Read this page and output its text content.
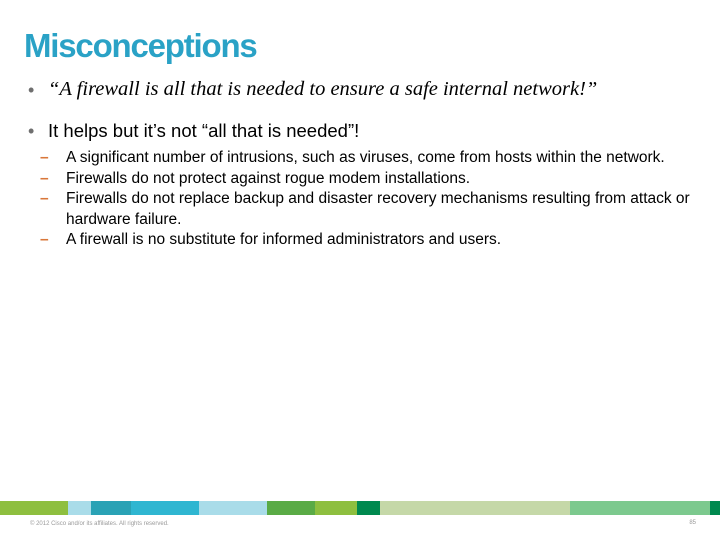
Misconceptions
• “A firewall is all that is needed to ensure a safe internal network!”
• It helps but it’s not “all that is needed”!
– A significant number of intrusions, such as viruses, come from hosts within the network.
– Firewalls do not protect against rogue modem installations.
– Firewalls do not replace backup and disaster recovery mechanisms resulting from attack or hardware failure.
– A firewall is no substitute for informed administrators and users.
© 2012 Cisco and/or its affiliates. All rights reserved.	85
